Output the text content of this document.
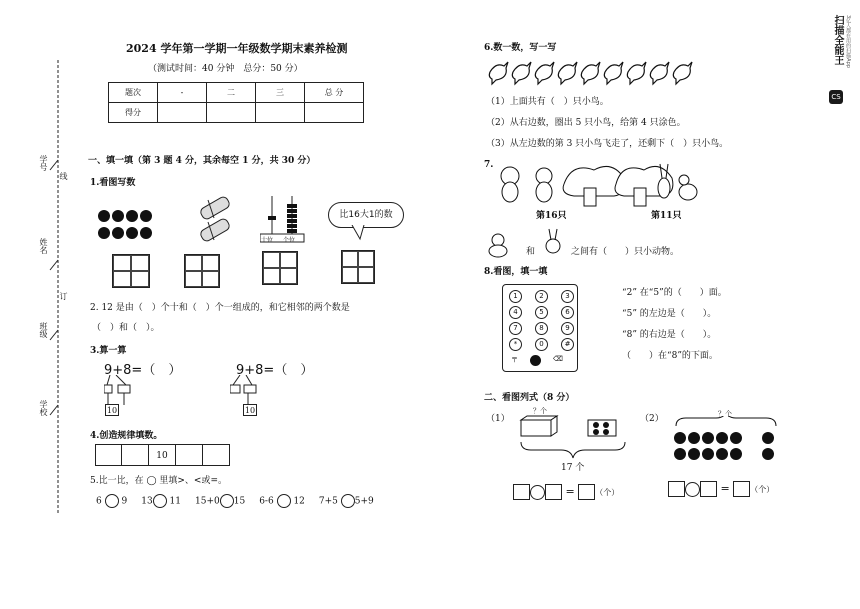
学号
线
姓名
订
班级
学校
2024 学年第一学期一年级数学期末素养检测
（测试时间：40 分钟　总分：50 分）
题次	-	二	三	总 分
得分				
一、填一填（第 3 题 4 分，其余每空 1 分，共 30 分）
1.看图写数
十位 个位
比16大1的数
2. 12 是由（　）个十和（　）个一组成的，和它相邻的两个数是
（　）和（　）。
3.算一算
9+8=（　）	9+8=（　）
10	10
4.创造规律填数。
10
5.比一比，在 ◯ 里填>、<或=。
6 9 13 11 15+0 15 6-6 12 7+5 5+9
6.数一数，写一写
（1）上面共有（　）只小鸟。
（2）从右边数，圈出 5 只小鸟，给第 4 只涂色。
（3）从左边数的第 3 只小鸟飞走了，还剩下（　）只小鸟。
7.
第16只	第11只
和　　　　之间有（　　）只小动物。
8.看图，填一填
1	2	3
4	5	6
7	8	9
*	0	#
〒	⌫
“2” 在“5”的（　　）面。
“5” 的左边是（　　）。
“8” 的右边是（　　）。
（　　）在“8”的下面。
二、看图列式（8 分）
（1）	（2）
？个	？个
17 个
= （个）	= （个）
CS
扫描全能王 3亿人都在用的扫描App
